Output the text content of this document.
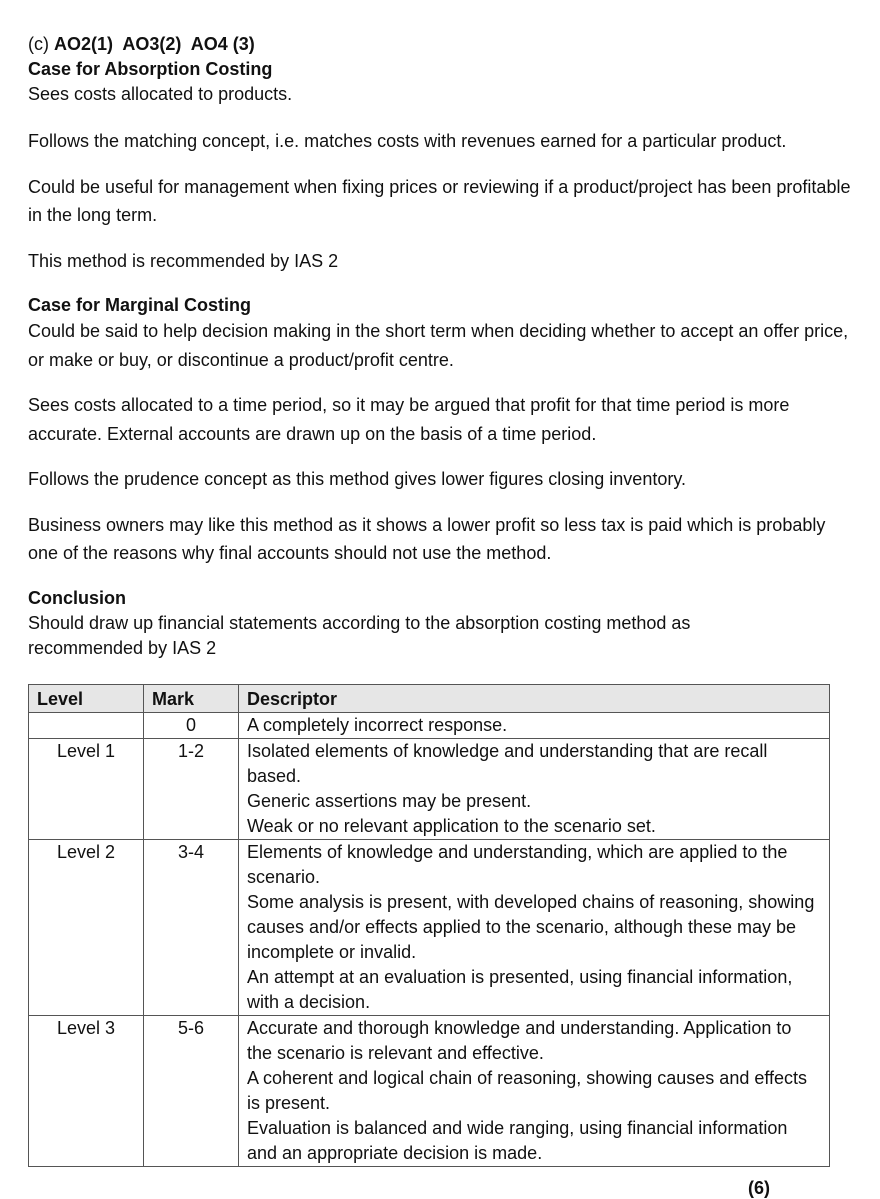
(c) AO2(1)  AO3(2)  AO4 (3)

Case for Absorption Costing

Sees costs allocated to products.

Follows the matching concept, i.e. matches costs with revenues earned for a particular product.

Could be useful for management when fixing prices or reviewing if a product/project has been profitable in the long term.

This method is recommended by IAS 2

Case for Marginal Costing

Could be said to help decision making in the short term when deciding whether to accept an offer price, or make or buy, or discontinue a product/profit centre.

Sees costs allocated to a time period, so it may be argued that profit for that time period is more accurate. External accounts are drawn up on the basis of a time period.

Follows the prudence concept as this method gives lower figures closing inventory.

Business owners may like this method as it shows a lower profit so less tax is paid which is probably one of the reasons why final accounts should not use the method.

Conclusion

Should draw up financial statements according to the absorption costing method as recommended by IAS 2

Level	Mark	Descriptor
	0	A completely incorrect response.

Level 1	1-2	Isolated elements of knowledge and understanding that are recall based.
Generic assertions may be present.
Weak or no relevant application to the scenario set.

Level 2	3-4	Elements of knowledge and understanding, which are applied to the scenario.
Some analysis is present, with developed chains of reasoning, showing causes and/or effects applied to the scenario, although these may be incomplete or invalid.
An attempt at an evaluation is presented, using financial information, with a decision.

Level 3	5-6	Accurate and thorough knowledge and understanding. Application to the scenario is relevant and effective.
A coherent and logical chain of reasoning, showing causes and effects is present.
Evaluation is balanced and wide ranging, using financial information and an appropriate decision is made.
(6)
